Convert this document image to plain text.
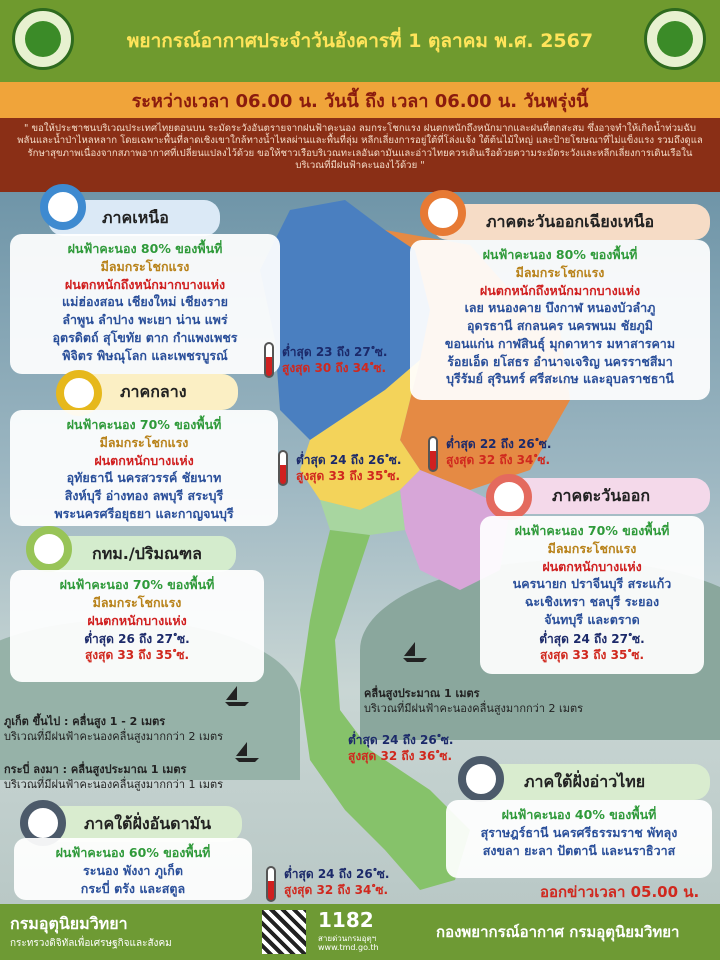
พยากรณ์อากาศประจำวันอังคารที่ 1 ตุลาคม พ.ศ. 2567
ระหว่างเวลา 06.00 น. วันนี้ ถึง เวลา 06.00 น. วันพรุ่งนี้
" ขอให้ประชาชนบริเวณประเทศไทยตอนบน ระมัดระวังอันตรายจากฝนฟ้าคะนอง ลมกระโชกแรง ฝนตกหนักถึงหนักมากและฝนที่ตกสะสม ซึ่งอาจทำให้เกิดน้ำท่วมฉับพลันและน้ำป่าไหลหลาก โดยเฉพาะพื้นที่ลาดเชิงเขาใกล้ทางน้ำไหลผ่านและพื้นที่ลุ่ม หลีกเลี่ยงการอยู่ใต้ที่โล่งแจ้ง ใต้ต้นไม้ใหญ่ และป้ายโฆษณาที่ไม่แข็งแรง รวมถึงดูแลรักษาสุขภาพเนื่องจากสภาพอากาศที่เปลี่ยนแปลงไว้ด้วย ขอให้ชาวเรือบริเวณทะเลอันดามันและอ่าวไทยควรเดินเรือด้วยความระมัดระวังและหลีกเลี่ยงการเดินเรือในบริเวณที่มีฝนฟ้าคะนองไว้ด้วย "
ภาคเหนือ
ฝนฟ้าคะนอง 80% ของพื้นที่
มีลมกระโชกแรง
ฝนตกหนักถึงหนักมากบางแห่ง
แม่ฮ่องสอน เชียงใหม่ เชียงราย
ลำพูน ลำปาง พะเยา น่าน แพร่
อุตรดิตถ์ สุโขทัย ตาก กำแพงเพชร
พิจิตร พิษณุโลก และเพชรบูรณ์	ต่ำสุด 23 ถึง 27 ํซ.
สูงสุด 30 ถึง 34 ํซ.
ภาคตะวันออกเฉียงเหนือ
ฝนฟ้าคะนอง 80% ของพื้นที่
มีลมกระโชกแรง
ฝนตกหนักถึงหนักมากบางแห่ง
เลย หนองคาย บึงกาฬ หนองบัวลำภู
อุดรธานี สกลนคร นครพนม ชัยภูมิ
ขอนแก่น กาฬสินธุ์ มุกดาหาร มหาสารคาม
ร้อยเอ็ด ยโสธร อำนาจเจริญ นครราชสีมา
บุรีรัมย์ สุรินทร์ ศรีสะเกษ และอุบลราชธานี
ต่ำสุด 22 ถึง 26 ํซ.
สูงสุด 32 ถึง 34 ํซ.
ภาคกลาง
ฝนฟ้าคะนอง 70% ของพื้นที่
มีลมกระโชกแรง
ฝนตกหนักบางแห่ง
อุทัยธานี นครสวรรค์ ชัยนาท
สิงห์บุรี อ่างทอง ลพบุรี สระบุรี
พระนครศรีอยุธยา และกาญจนบุรี
ต่ำสุด 24 ถึง 26 ํซ.
สูงสุด 33 ถึง 35 ํซ.
ภาคตะวันออก
ฝนฟ้าคะนอง 70% ของพื้นที่
มีลมกระโชกแรง
ฝนตกหนักบางแห่ง
นครนายก ปราจีนบุรี สระแก้ว
ฉะเชิงเทรา ชลบุรี ระยอง
จันทบุรี และตราด
ต่ำสุด 24 ถึง 27 ํซ.
สูงสุด 33 ถึง 35 ํซ.
กทม./ปริมณฑล
ฝนฟ้าคะนอง 70% ของพื้นที่
มีลมกระโชกแรง
ฝนตกหนักบางแห่ง
ต่ำสุด 26 ถึง 27 ํซ.
สูงสุด 33 ถึง 35 ํซ.
คลื่นสูงประมาณ 1 เมตร
บริเวณที่มีฝนฟ้าคะนองคลื่นสูงมากกว่า 2 เมตร
ภูเก็ต ขึ้นไป : คลื่นสูง 1 - 2 เมตร
บริเวณที่มีฝนฟ้าคะนองคลื่นสูงมากกว่า 2 เมตร
กระบี่ ลงมา : คลื่นสูงประมาณ 1 เมตร
บริเวณที่มีฝนฟ้าคะนองคลื่นสูงมากกว่า 1 เมตร
ต่ำสุด 24 ถึง 26 ํซ.
สูงสุด 32 ถึง 36 ํซ.
ภาคใต้ฝั่งอ่าวไทย
ฝนฟ้าคะนอง 40% ของพื้นที่
สุราษฎร์ธานี นครศรีธรรมราช พัทลุง
สงขลา ยะลา ปัตตานี และนราธิวาส
ภาคใต้ฝั่งอันดามัน
ฝนฟ้าคะนอง 60% ของพื้นที่
ระนอง พังงา ภูเก็ต
กระบี่ ตรัง และสตูล
ต่ำสุด 24 ถึง 26 ํซ.
สูงสุด 32 ถึง 34 ํซ.	ออกข่าวเวลา 05.00 น.
กรมอุตุนิยมวิทยา
กระทรวงดิจิทัลเพื่อเศรษฐกิจและสังคม
1182
สายด่วนกรมอุตุฯ
www.tmd.go.th
กองพยากรณ์อากาศ กรมอุตุนิยมวิทยา
